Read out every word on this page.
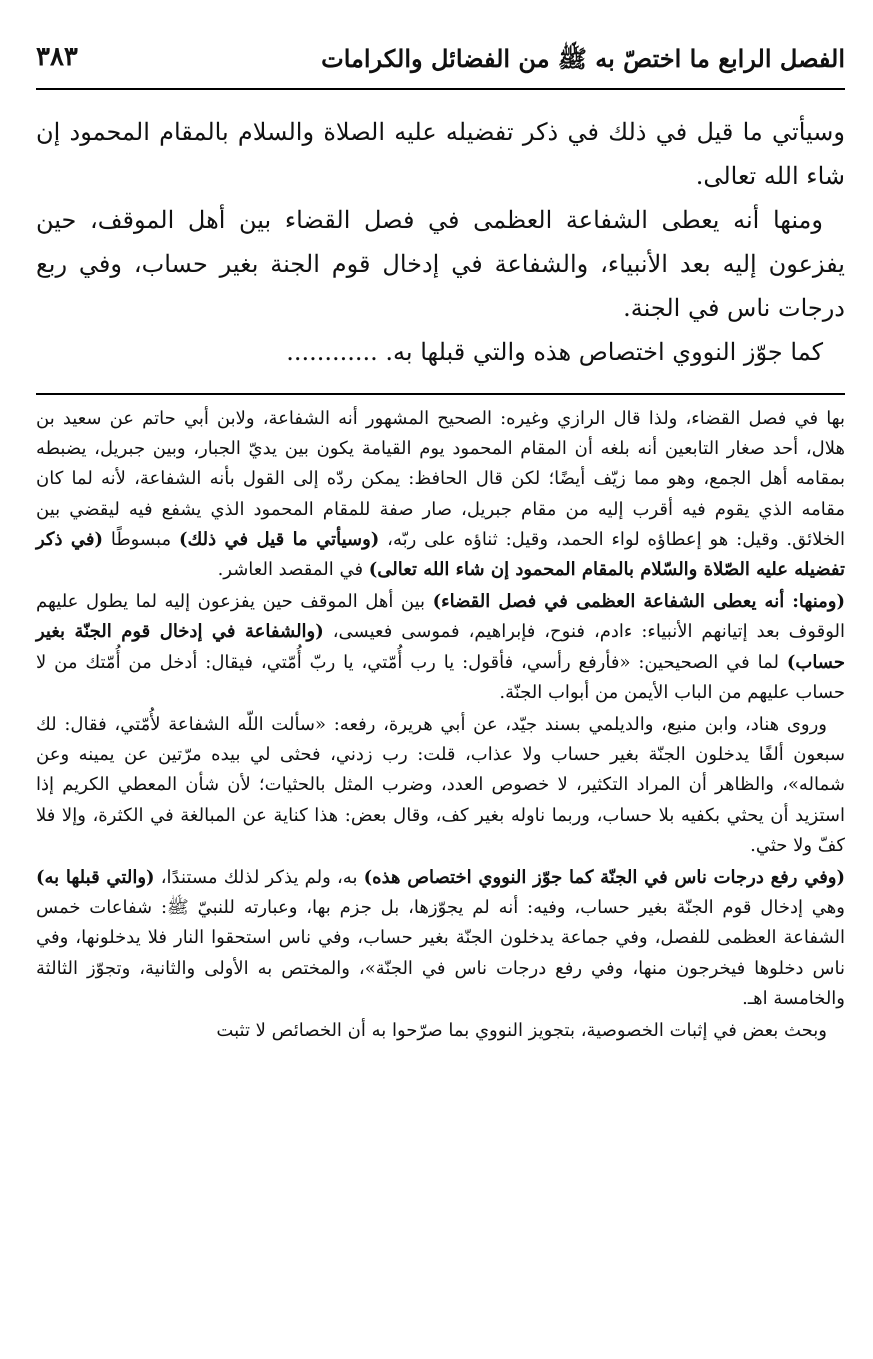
الفصل الرابع ما اختصّ به ﷺ من الفضائل والكرامات
٣٨٣

وسيأتي ما قيل في ذلك في ذكر تفضيله عليه الصلاة والسلام بالمقام المحمود إن شاء الله تعالى.

ومنها أنه يعطى الشفاعة العظمى في فصل القضاء بين أهل الموقف، حين يفزعون إليه بعد الأنبياء، والشفاعة في إدخال قوم الجنة بغير حساب، وفي ربع درجات ناس في الجنة.

كما جوّز النووي اختصاص هذه والتي قبلها به. ............

بها في فصل القضاء، ولذا قال الرازي وغيره: الصحيح المشهور أنه الشفاعة، ولابن أبي حاتم عن سعيد بن هلال، أحد صغار التابعين أنه بلغه أن المقام المحمود يوم القيامة يكون بين يديّ الجبار، وبين جبريل، يضبطه بمقامه أهل الجمع، وهو مما زيّف أيضًا؛ لكن قال الحافظ: يمكن ردّه إلى القول بأنه الشفاعة، لأنه لما كان مقامه الذي يقوم فيه أقرب إليه من مقام جبريل، صار صفة للمقام المحمود الذي يشفع فيه ليقضي بين الخلائق. وقيل: هو إعطاؤه لواء الحمد، وقيل: ثناؤه على ربّه، (وسيأتي ما قيل في ذلك) مبسوطًا (في ذكر تفضيله عليه الصّلاة والسّلام بالمقام المحمود إن شاء الله تعالى) في المقصد العاشر.

(ومنها: أنه يعطى الشفاعة العظمى في فصل القضاء) بين أهل الموقف حين يفزعون إليه لما يطول عليهم الوقوف بعد إتيانهم الأنبياء: ءادم، فنوح، فإبراهيم، فموسى فعيسى، (والشفاعة في إدخال قوم الجنّة بغير حساب) لما في الصحيحين: «فأرفع رأسي، فأقول: يا رب أُمّتي، يا ربّ أُمّتي، فيقال: أدخل من أُمّتك من لا حساب عليهم من الباب الأيمن من أبواب الجنّة.

وروى هناد، وابن منيع، والديلمي بسند جيّد، عن أبي هريرة، رفعه: «سألت اللّه الشفاعة لأُمّتي، فقال: لك سبعون ألفًا يدخلون الجنّة بغير حساب ولا عذاب، قلت: رب زدني، فحثى لي بيده مرّتين عن يمينه وعن شماله»، والظاهر أن المراد التكثير، لا خصوص العدد، وضرب المثل بالحثيات؛ لأن شأن المعطي الكريم إذا استزيد أن يحثي بكفيه بلا حساب، وربما ناوله بغير كف، وقال بعض: هذا كناية عن المبالغة في الكثرة، وإلا فلا كفّ ولا حثي.

(وفي رفع درجات ناس في الجنّة كما جوّز النووي اختصاص هذه) به، ولم يذكر لذلك مستندًا، (والتي قبلها به) وهي إدخال قوم الجنّة بغير حساب، وفيه: أنه لم يجوّزها، بل جزم بها، وعبارته للنبيّ ﷺ: شفاعات خمس الشفاعة العظمى للفصل، وفي جماعة يدخلون الجنّة بغير حساب، وفي ناس استحقوا النار فلا يدخلونها، وفي ناس دخلوها فيخرجون منها، وفي رفع درجات ناس في الجنّة»، والمختص به الأولى والثانية، وتجوّز الثالثة والخامسة اهـ.

وبحث بعض في إثبات الخصوصية، بتجويز النووي بما صرّحوا به أن الخصائص لا تثبت
